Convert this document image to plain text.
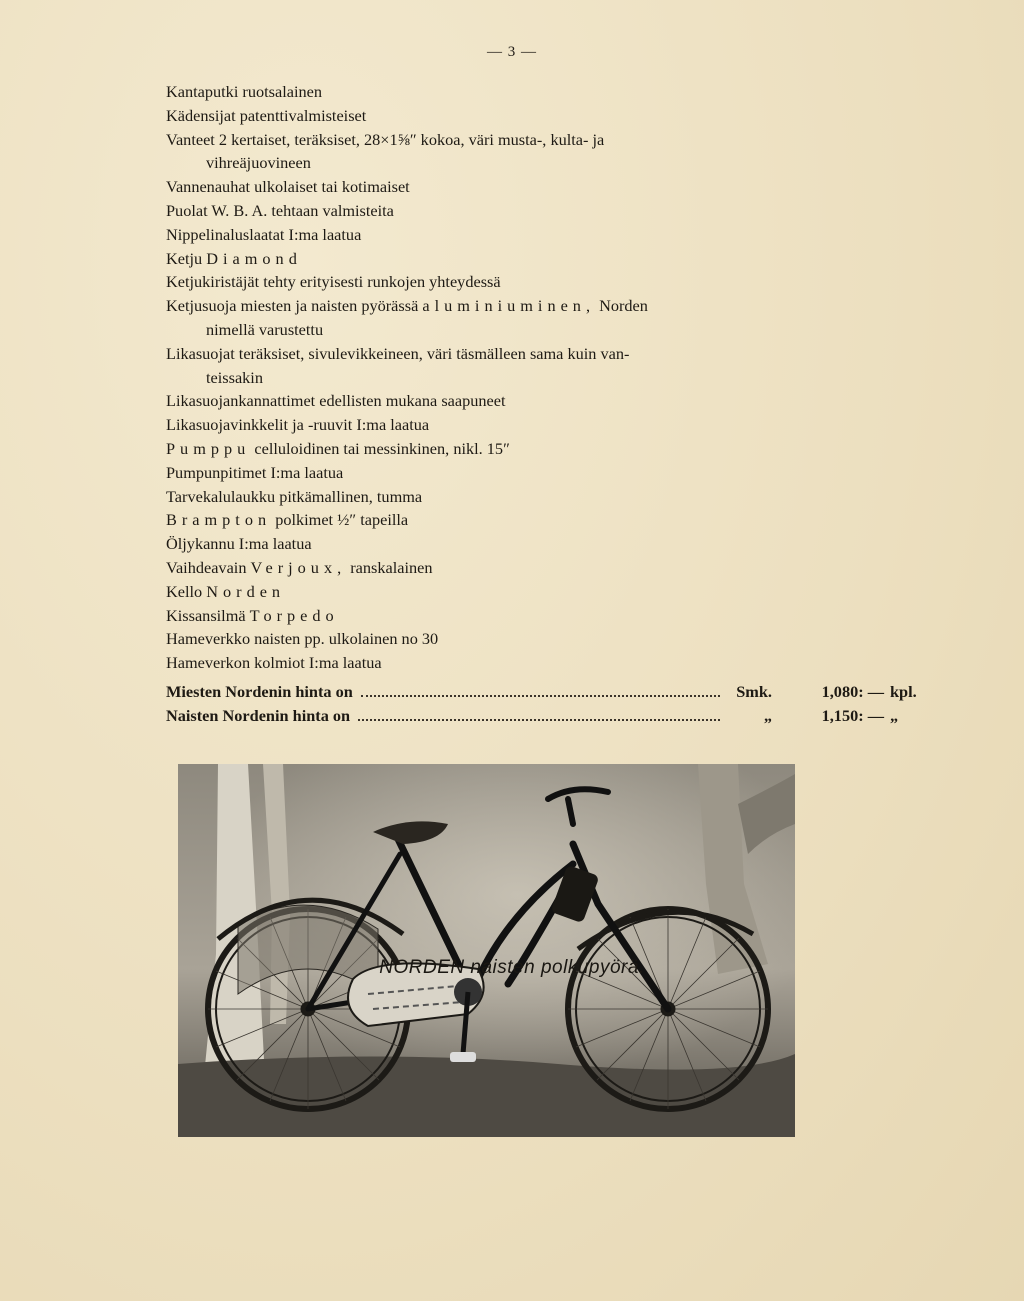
— 3 —
Kantaputki ruotsalainen
Kädensijat patenttivalmisteiset
Vanteet 2 kertaiset, teräksiset, 28×1⅝″ kokoa, väri musta-, kulta- ja
vihreäjuovineen
Vannenauhat ulkolaiset tai kotimaiset
Puolat W. B. A. tehtaan valmisteita
Nippelinaluslaatat I:ma laatua
Ketju Diamond
Ketjukiristäjät tehty erityisesti runkojen yhteydessä
Ketjusuoja miesten ja naisten pyörässä aluminiuminen, Norden
nimellä varustettu
Likasuojat teräksiset, sivulevikkeineen, väri täsmälleen sama kuin van-
teissakin
Likasuojankannattimet edellisten mukana saapuneet
Likasuojavinkkelit ja -ruuvit I:ma laatua
Pumppu celluloidinen tai messinkinen, nikl. 15″
Pumpunpitimet I:ma laatua
Tarvekalulaukku pitkämallinen, tumma
Brampton polkimet ½″ tapeilla
Öljykannu I:ma laatua
Vaihdeavain Verjoux, ranskalainen
Kello Norden
Kissansilmä Torpedo
Hameverkko naisten pp. ulkolainen no 30
Hameverkon kolmiot I:ma laatua
Miesten Nordenin hinta on	Smk.	1,080: — kpl.
Naisten Nordenin hinta on	„	1,150: — „
NORDEN naisten polkupyörä.
